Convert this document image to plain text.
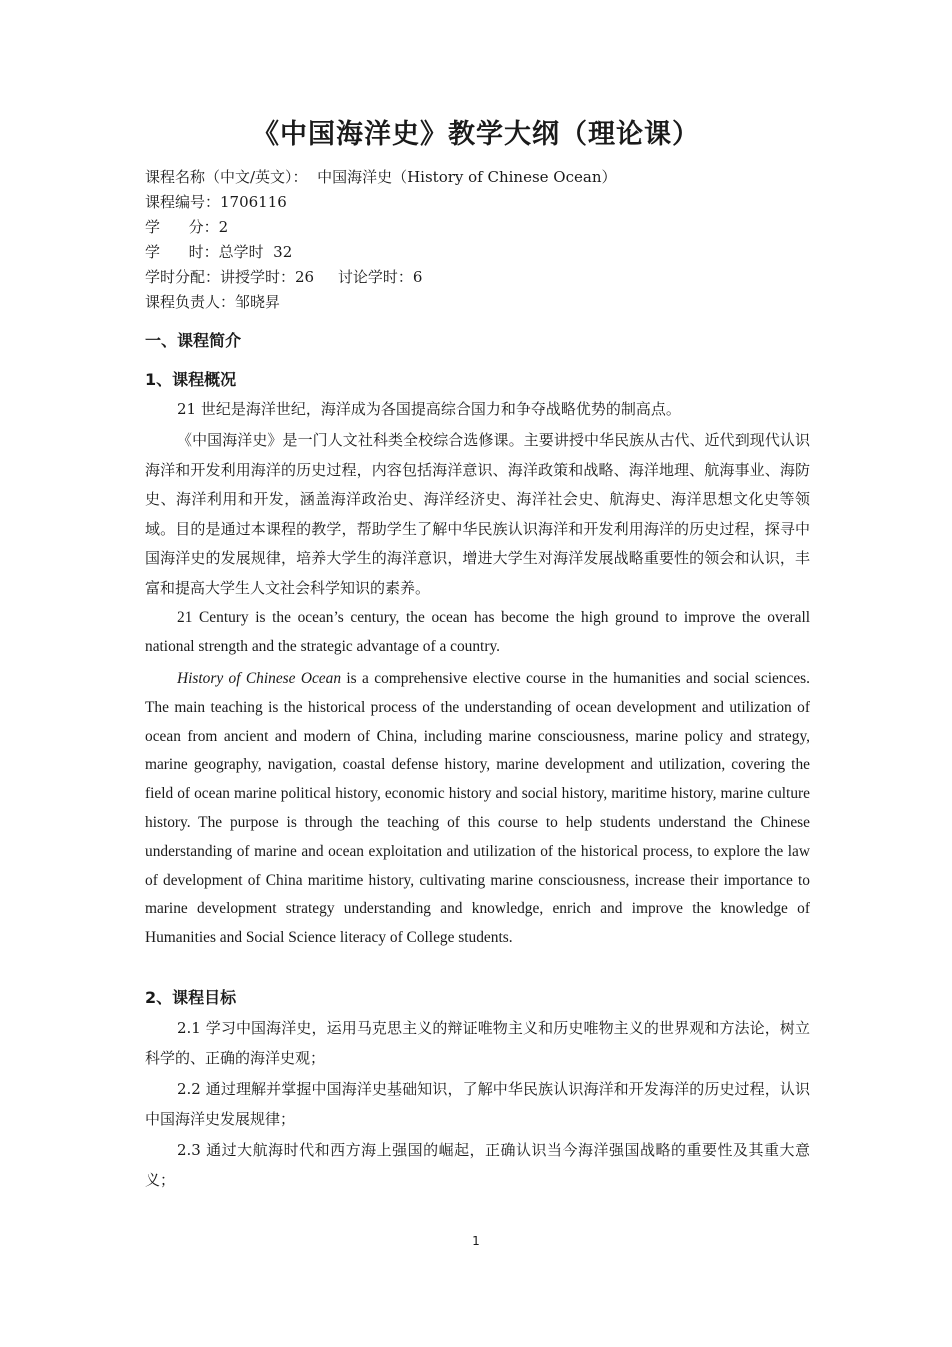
《中国海洋史》教学大纲（理论课）
课程名称（中文/英文）：  中国海洋史（History of Chinese Ocean）
课程编号：1706116
学      分：2
学      时：总学时  32
学时分配：讲授学时：26     讨论学时：6
课程负责人：邹晓昇
一、课程简介
1、课程概况
21 世纪是海洋世纪，海洋成为各国提高综合国力和争夺战略优势的制高点。
《中国海洋史》是一门人文社科类全校综合选修课。主要讲授中华民族从古代、近代到现代认识海洋和开发利用海洋的历史过程，内容包括海洋意识、海洋政策和战略、海洋地理、航海事业、海防史、海洋利用和开发，涵盖海洋政治史、海洋经济史、海洋社会史、航海史、海洋思想文化史等领域。目的是通过本课程的教学，帮助学生了解中华民族认识海洋和开发利用海洋的历史过程，探寻中国海洋史的发展规律，培养大学生的海洋意识，增进大学生对海洋发展战略重要性的领会和认识，丰富和提高大学生人文社会科学知识的素养。
21 Century is the ocean’s century, the ocean has become the high ground to improve the overall national strength and the strategic advantage of a country.
History of Chinese Ocean is a comprehensive elective course in the humanities and social sciences. The main teaching is the historical process of the understanding of ocean development and utilization of ocean from ancient and modern of China, including marine consciousness, marine policy and strategy, marine geography, navigation, coastal defense history, marine development and utilization, covering the field of ocean marine political history, economic history and social history, maritime history, marine culture history. The purpose is through the teaching of this course to help students understand the Chinese understanding of marine and ocean exploitation and utilization of the historical process, to explore the law of development of China maritime history, cultivating marine consciousness, increase their importance to marine development strategy understanding and knowledge, enrich and improve the knowledge of Humanities and Social Science literacy of College students.
2、课程目标
2.1 学习中国海洋史，运用马克思主义的辩证唯物主义和历史唯物主义的世界观和方法论，树立科学的、正确的海洋史观；
2.2 通过理解并掌握中国海洋史基础知识，了解中华民族认识海洋和开发海洋的历史过程，认识中国海洋史发展规律；
2.3 通过大航海时代和西方海上强国的崛起，正确认识当今海洋强国战略的重要性及其重大意义；
1
